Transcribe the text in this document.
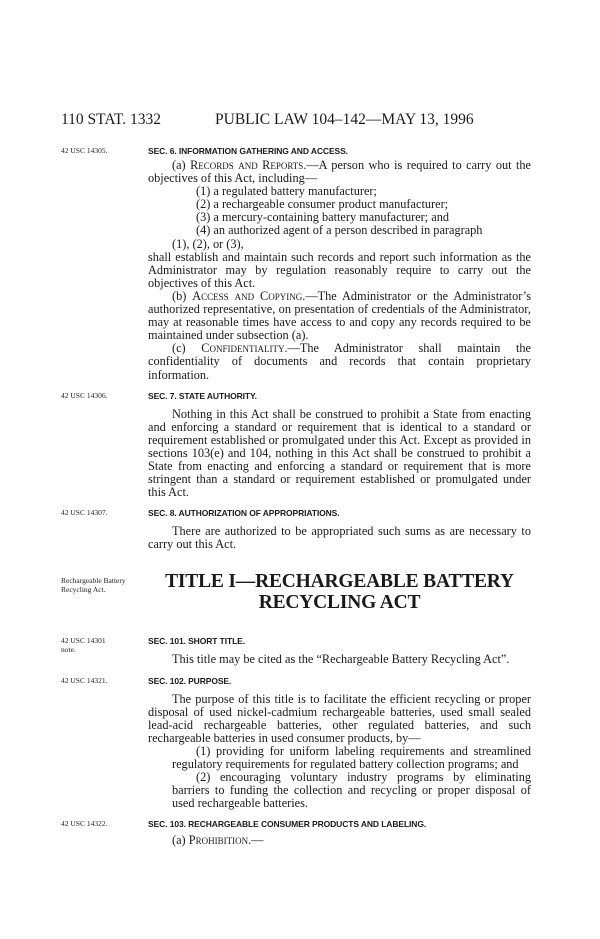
110 STAT. 1332	PUBLIC LAW 104–142—MAY 13, 1996
42 USC 14305.	SEC. 6. INFORMATION GATHERING AND ACCESS.

(a) Records and Reports.—A person who is required to carry out the objectives of this Act, including—

(1) a regulated battery manufacturer;

(2) a rechargeable consumer product manufacturer;

(3) a mercury-containing battery manufacturer; and

(4) an authorized agent of a person described in paragraph

(1), (2), or (3),

shall establish and maintain such records and report such information as the Administrator may by regulation reasonably require to carry out the objectives of this Act.

(b) Access and Copying.—The Administrator or the Administrator’s authorized representative, on presentation of credentials of the Administrator, may at reasonable times have access to and copy any records required to be maintained under subsection (a).

(c) Confidentiality.—The Administrator shall maintain the confidentiality of documents and records that contain proprietary information.

42 USC 14306.	SEC. 7. STATE AUTHORITY.

Nothing in this Act shall be construed to prohibit a State from enacting and enforcing a standard or requirement that is identical to a standard or requirement established or promulgated under this Act. Except as provided in sections 103(e) and 104, nothing in this Act shall be construed to prohibit a State from enacting and enforcing a standard or requirement that is more stringent than a standard or requirement established or promulgated under this Act.

42 USC 14307.	SEC. 8. AUTHORIZATION OF APPROPRIATIONS.

There are authorized to be appropriated such sums as are necessary to carry out this Act.

Rechargeable Battery Recycling Act.	TITLE I—RECHARGEABLE BATTERY

RECYCLING ACT

42 USC 14301 note.
SEC. 101. SHORT TITLE.

This title may be cited as the “Rechargeable Battery Recycling Act”.

42 USC 14321.	SEC. 102. PURPOSE.

The purpose of this title is to facilitate the efficient recycling or proper disposal of used nickel-cadmium rechargeable batteries, used small sealed lead-acid rechargeable batteries, other regulated batteries, and such rechargeable batteries in used consumer products, by—

(1) providing for uniform labeling requirements and streamlined regulatory requirements for regulated battery collection programs; and

(2) encouraging voluntary industry programs by eliminating barriers to funding the collection and recycling or proper disposal of used rechargeable batteries.

42 USC 14322.	SEC. 103. RECHARGEABLE CONSUMER PRODUCTS AND LABELING.

(a) Prohibition.—
